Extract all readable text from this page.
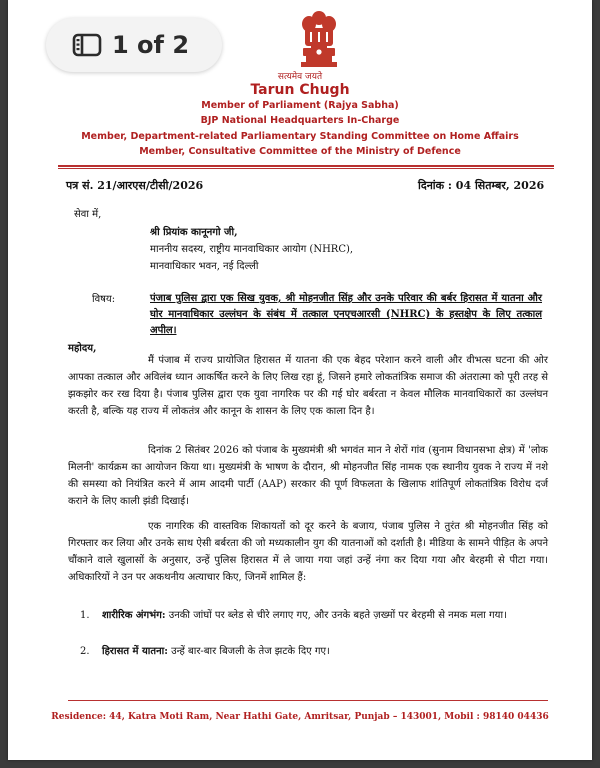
1 of 2
सत्यमेव जयते
Tarun Chugh
Member of Parliament (Rajya Sabha)
BJP National Headquarters In-Charge
Member, Department-related Parliamentary Standing Committee on Home Affairs
Member, Consultative Committee of the Ministry of Defence
पत्र सं. 21/आरएस/टीसी/2026	दिनांक : 04 सितम्बर, 2026
सेवा में,
श्री प्रियांक कानूनगो जी,
माननीय सदस्य, राष्ट्रीय मानवाधिकार आयोग (NHRC),
मानवाधिकार भवन, नई दिल्ली
विषय:	पंजाब पुलिस द्वारा एक सिख युवक, श्री मोहनजीत सिंह और उनके परिवार की बर्बर हिरासत में यातना और घोर मानवाधिकार उल्लंघन के संबंध में तत्काल एनएचआरसी (NHRC) के हस्तक्षेप के लिए तत्काल अपील।
महोदय,
मैं पंजाब में राज्य प्रायोजित हिरासत में यातना की एक बेहद परेशान करने वाली और वीभत्स घटना की ओर आपका तत्काल और अविलंब ध्यान आकर्षित करने के लिए लिख रहा हूं, जिसने हमारे लोकतांत्रिक समाज की अंतरात्मा को पूरी तरह से झकझोर कर रख दिया है। पंजाब पुलिस द्वारा एक युवा नागरिक पर की गई घोर बर्बरता न केवल मौलिक मानवाधिकारों का उल्लंघन करती है, बल्कि यह राज्य में लोकतंत्र और कानून के शासन के लिए एक काला दिन है।
दिनांक 2 सितंबर 2026 को पंजाब के मुख्यमंत्री श्री भगवंत मान ने शेरों गांव (सुनाम विधानसभा क्षेत्र) में 'लोक मिलनी' कार्यक्रम का आयोजन किया था। मुख्यमंत्री के भाषण के दौरान, श्री मोहनजीत सिंह नामक एक स्थानीय युवक ने राज्य में नशे की समस्या को नियंत्रित करने में आम आदमी पार्टी (AAP) सरकार की पूर्ण विफलता के खिलाफ शांतिपूर्ण लोकतांत्रिक विरोध दर्ज कराने के लिए काली झंडी दिखाई।
एक नागरिक की वास्तविक शिकायतों को दूर करने के बजाय, पंजाब पुलिस ने तुरंत श्री मोहनजीत सिंह को गिरफ्तार कर लिया और उनके साथ ऐसी बर्बरता की जो मध्यकालीन युग की यातनाओं को दर्शाती है। मीडिया के सामने पीड़ित के अपने चौंकाने वाले खुलासों के अनुसार, उन्हें पुलिस हिरासत में ले जाया गया जहां उन्हें नंगा कर दिया गया और बेरहमी से पीटा गया। अधिकारियों ने उन पर अकथनीय अत्याचार किए, जिनमें शामिल हैं:
1. शारीरिक अंगभंग: उनकी जांघों पर ब्लेड से चीरे लगाए गए, और उनके बहते ज़ख्मों पर बेरहमी से नमक मला गया।
2. हिरासत में यातना: उन्हें बार-बार बिजली के तेज झटके दिए गए।
Residence: 44, Katra Moti Ram, Near Hathi Gate, Amritsar, Punjab – 143001, Mobil : 98140 04436
